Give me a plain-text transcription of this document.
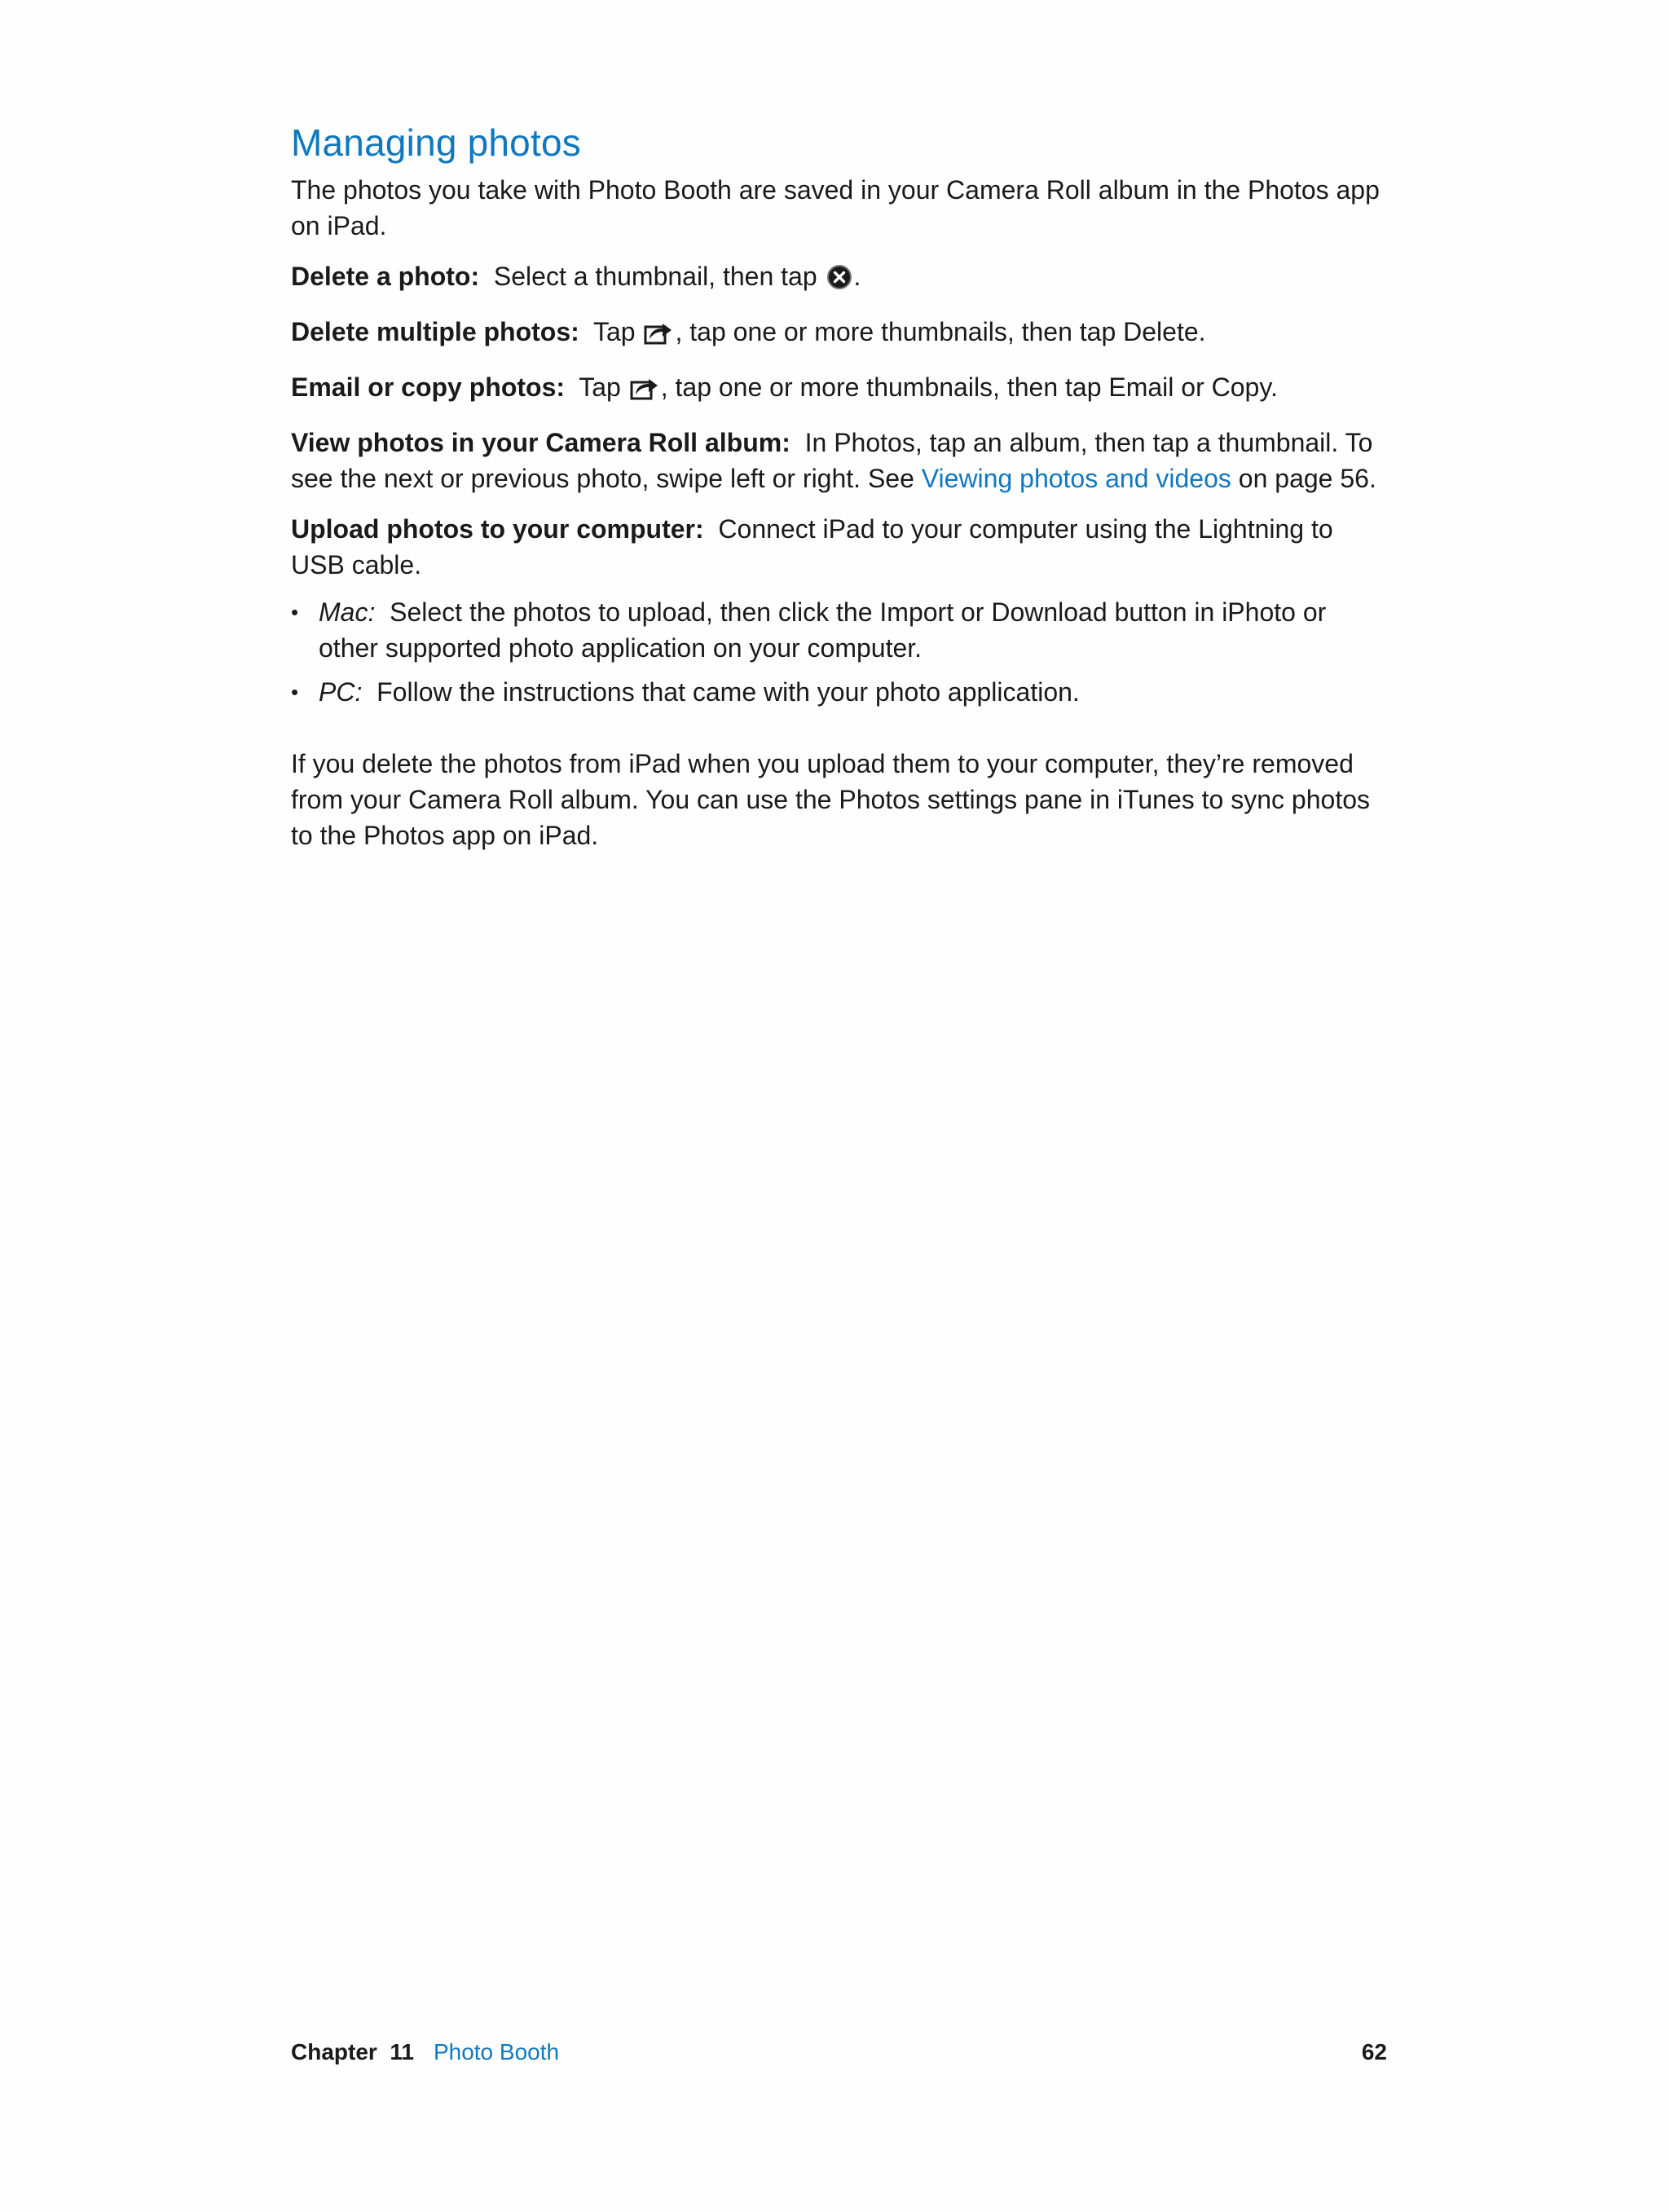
Managing photos

The photos you take with Photo Booth are saved in your Camera Roll album in the Photos app on iPad.

Delete a photo: Select a thumbnail, then tap .

Delete multiple photos: Tap , tap one or more thumbnails, then tap Delete.

Email or copy photos: Tap , tap one or more thumbnails, then tap Email or Copy.

View photos in your Camera Roll album: In Photos, tap an album, then tap a thumbnail. To see the next or previous photo, swipe left or right. See Viewing photos and videos on page 56.

Upload photos to your computer: Connect iPad to your computer using the Lightning to USB cable.

• Mac: Select the photos to upload, then click the Import or Download button in iPhoto or other supported photo application on your computer.
• PC: Follow the instructions that came with your photo application.

If you delete the photos from iPad when you upload them to your computer, they’re removed from your Camera Roll album. You can use the Photos settings pane in iTunes to sync photos to the Photos app on iPad.

Chapter  11 Photo Booth	62
